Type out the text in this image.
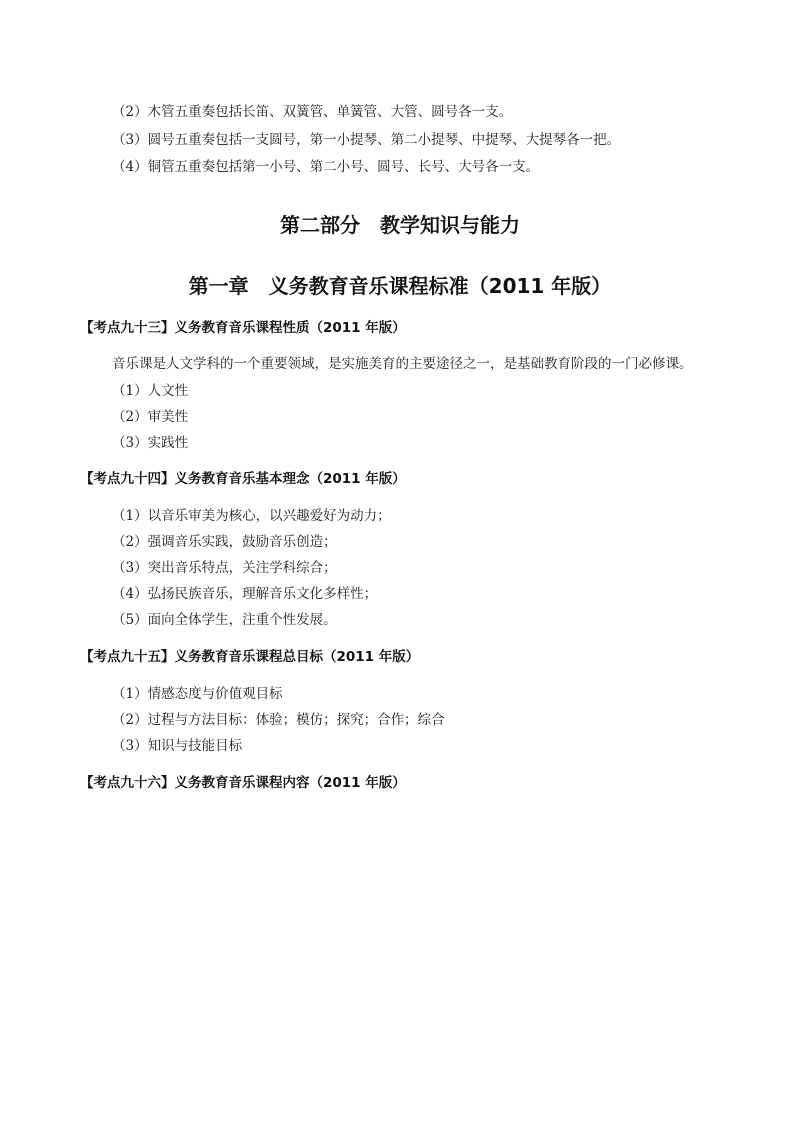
（2）木管五重奏包括长笛、双簧管、单簧管、大管、圆号各一支。
（3）圆号五重奏包括一支圆号，第一小提琴、第二小提琴、中提琴、大提琴各一把。
（4）铜管五重奏包括第一小号、第二小号、圆号、长号、大号各一支。
第二部分　教学知识与能力
第一章　义务教育音乐课程标准（2011 年版）
【考点九十三】义务教育音乐课程性质（2011 年版）
音乐课是人文学科的一个重要领域，是实施美育的主要途径之一，是基础教育阶段的一门必修课。
（1）人文性
（2）审美性
（3）实践性
【考点九十四】义务教育音乐基本理念（2011 年版）
（1）以音乐审美为核心，以兴趣爱好为动力；
（2）强调音乐实践，鼓励音乐创造；
（3）突出音乐特点，关注学科综合；
（4）弘扬民族音乐，理解音乐文化多样性；
（5）面向全体学生，注重个性发展。
【考点九十五】义务教育音乐课程总目标（2011 年版）
（1）情感态度与价值观目标
（2）过程与方法目标：体验；模仿；探究；合作；综合
（3）知识与技能目标
【考点九十六】义务教育音乐课程内容（2011 年版）
